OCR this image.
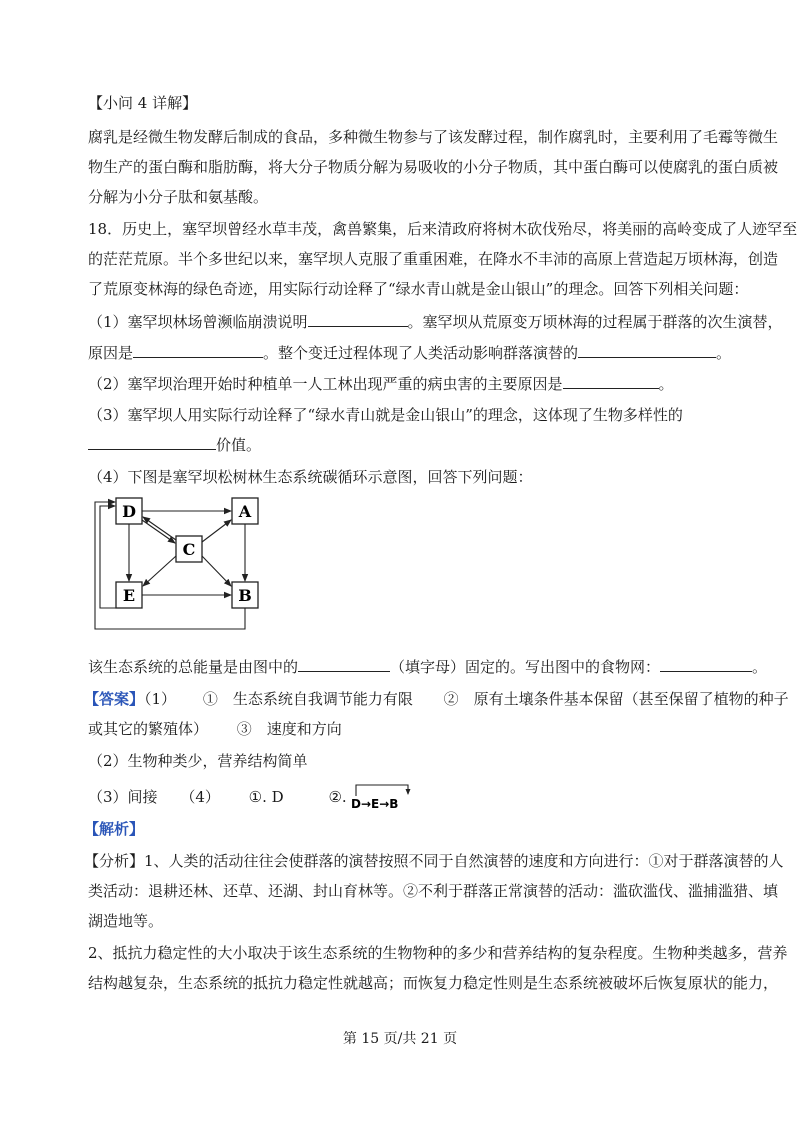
【小问 4 详解】
腐乳是经微生物发酵后制成的食品，多种微生物参与了该发酵过程，制作腐乳时，主要利用了毛霉等微生
物生产的蛋白酶和脂肪酶，将大分子物质分解为易吸收的小分子物质，其中蛋白酶可以使腐乳的蛋白质被
分解为小分子肽和氨基酸。
18．历史上，塞罕坝曾经水草丰茂，禽兽繁集，后来清政府将树木砍伐殆尽，将美丽的高岭变成了人迹罕至
的茫茫荒原。半个多世纪以来，塞罕坝人克服了重重困难，在降水不丰沛的高原上营造起万顷林海，创造
了荒原变林海的绿色奇迹，用实际行动诠释了“绿水青山就是金山银山”的理念。回答下列相关问题：
（1）塞罕坝林场曾濒临崩溃说明	。塞罕坝从荒原变万顷林海的过程属于群落的次生演替，
原因是	。整个变迁过程体现了人类活动影响群落演替的	。
（2）塞罕坝治理开始时种植单一人工林出现严重的病虫害的主要原因是	。
（3）塞罕坝人用实际行动诠释了“绿水青山就是金山银山”的理念，这体现了生物多样性的
价值。
（4）下图是塞罕坝松树林生态系统碳循环示意图，回答下列问题：
D	A
C
E	B
该生态系统的总能量是由图中的	（填字母）固定的。写出图中的食物网：	。
【答案】（1） ①　生态系统自我调节能力有限 ②　原有土壤条件基本保留（甚至保留了植物的种子
或其它的繁殖体） ③　速度和方向
（2）生物种类少，营养结构简单
（3）间接 （4） ①. D	②. D→E→B
【解析】
【分析】1、人类的活动往往会使群落的演替按照不同于自然演替的速度和方向进行：①对于群落演替的人
类活动：退耕还林、还草、还湖、封山育林等。②不利于群落正常演替的活动：滥砍滥伐、滥捕滥猎、填
湖造地等。
2、抵抗力稳定性的大小取决于该生态系统的生物物种的多少和营养结构的复杂程度。生物种类越多，营养
结构越复杂，生态系统的抵抗力稳定性就越高；而恢复力稳定性则是生态系统被破坏后恢复原状的能力，
第 15 页/共 21 页
